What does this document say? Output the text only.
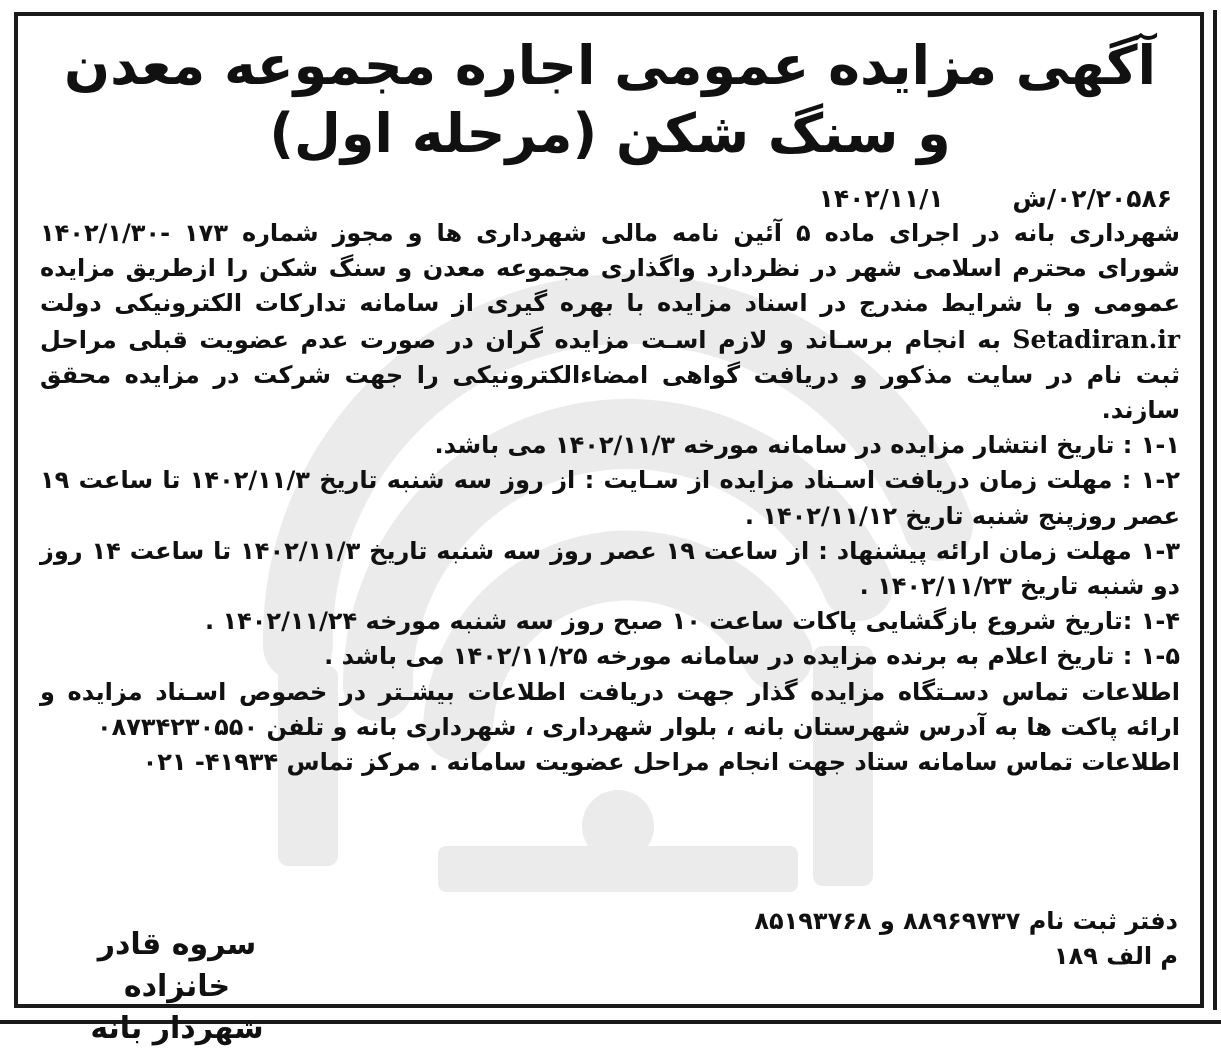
آگهی مزایده عمومی اجاره مجموعه معدن
و سنگ شکن (مرحله اول)
۰۲/۲۰۵۸۶/ش ۱۴۰۲/۱۱/۱

شهرداری بانه در اجرای ماده ۵ آئین نامه مالی شهرداری ها و مجوز شماره ۱۷۳ -۱۴۰۲/۱/۳۰ شورای محترم اسلامی شهر در نظردارد واگذاری مجموعه معدن و سنگ شکن را ازطریق مزایده عمومی و با شرایط مندرج در اسناد مزایده با بهره گیری از سامانه تدارکات الکترونیکی دولت Setadiran.ir به انجام برسـاند و لازم اسـت مزایده گران در صورت عدم عضویت قبلی مراحل ثبت نام در سایت مذکور و دریافت گواهی امضاءالکترونیکی را جهت شرکت در مزایده محقق سازند.

۱-۱ : تاریخ انتشار مزایده در سامانه مورخه ۱۴۰۲/۱۱/۳ می باشد.

۱-۲ : مهلت زمان دریافت اسـناد مزایده از سـایت : از روز سه شنبه تاریخ ۱۴۰۲/۱۱/۳ تا ساعت ۱۹ عصر روزپنج شنبه تاریخ ۱۴۰۲/۱۱/۱۲ .

۱-۳ مهلت زمان ارائه پیشنهاد : از ساعت ۱۹ عصر روز سه شنبه تاریخ ۱۴۰۲/۱۱/۳ تا ساعت ۱۴ روز دو شنبه تاریخ ۱۴۰۲/۱۱/۲۳ .

۱-۴ :تاریخ شروع بازگشایی پاکات ساعت ۱۰ صبح روز سه شنبه مورخه ۱۴۰۲/۱۱/۲۴ .

۱-۵ : تاریخ اعلام به برنده مزایده در سامانه مورخه ۱۴۰۲/۱۱/۲۵ می باشد .

اطلاعات تماس دسـتگاه مزایده گذار جهت دریافت اطلاعات بیشـتر در خصوص اسـناد مزایده و ارائه پاکت ها به آدرس شهرستان بانه ، بلوار شهرداری ، شهرداری بانه و تلفن ۰۸۷۳۴۲۳۰۵۵۰

اطلاعات تماس سامانه ستاد جهت انجام مراحل عضویت سامانه . مرکز تماس ۴۱۹۳۴- ۰۲۱

دفتر ثبت نام ۸۸۹۶۹۷۳۷ و ۸۵۱۹۳۷۶۸
م الف ۱۸۹
سروه قادر خانزاده
شهردار بانه
